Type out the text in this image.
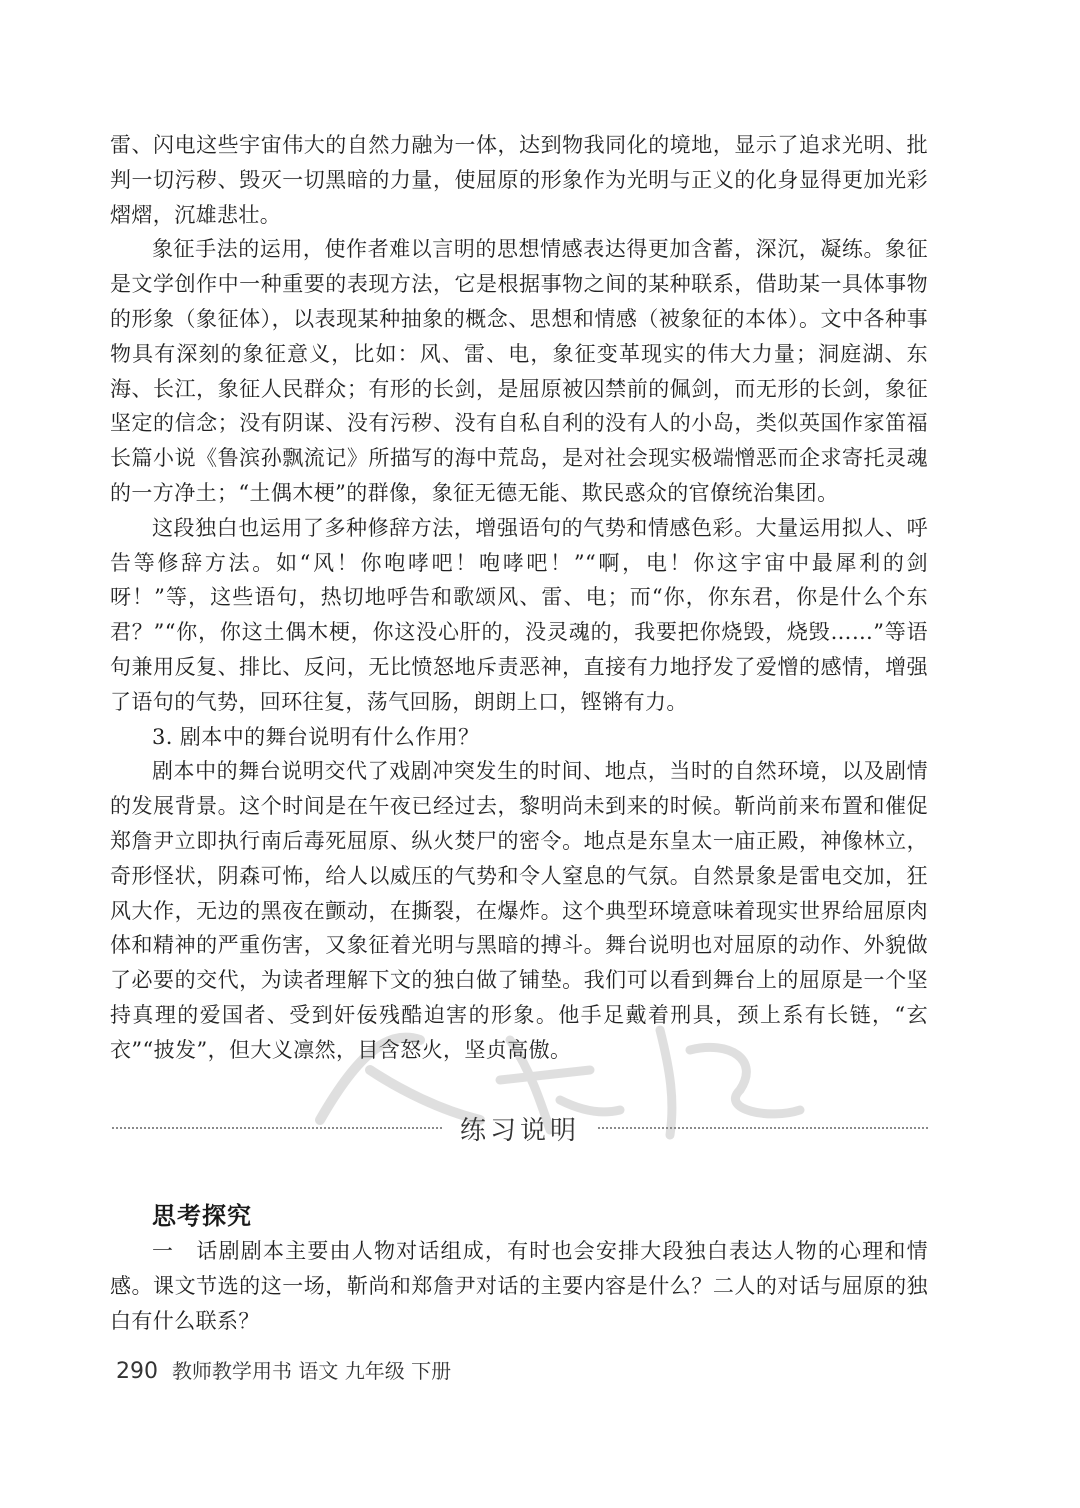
雷、闪电这些宇宙伟大的自然力融为一体，达到物我同化的境地，显示了追求光明、批判一切污秽、毁灭一切黑暗的力量，使屈原的形象作为光明与正义的化身显得更加光彩熠熠，沉雄悲壮。

象征手法的运用，使作者难以言明的思想情感表达得更加含蓄，深沉，凝练。象征是文学创作中一种重要的表现方法，它是根据事物之间的某种联系，借助某一具体事物的形象（象征体），以表现某种抽象的概念、思想和情感（被象征的本体）。文中各种事物具有深刻的象征意义，比如：风、雷、电，象征变革现实的伟大力量；洞庭湖、东海、长江，象征人民群众；有形的长剑，是屈原被囚禁前的佩剑，而无形的长剑，象征坚定的信念；没有阴谋、没有污秽、没有自私自利的没有人的小岛，类似英国作家笛福长篇小说《鲁滨孙飘流记》所描写的海中荒岛，是对社会现实极端憎恶而企求寄托灵魂的一方净土；“土偶木梗”的群像，象征无德无能、欺民惑众的官僚统治集团。

这段独白也运用了多种修辞方法，增强语句的气势和情感色彩。大量运用拟人、呼告等修辞方法。如“风！你咆哮吧！咆哮吧！”“啊，电！你这宇宙中最犀利的剑呀！”等，这些语句，热切地呼告和歌颂风、雷、电；而“你，你东君，你是什么个东君？”“你，你这土偶木梗，你这没心肝的，没灵魂的，我要把你烧毁，烧毁……”等语句兼用反复、排比、反问，无比愤怒地斥责恶神，直接有力地抒发了爱憎的感情，增强了语句的气势，回环往复，荡气回肠，朗朗上口，铿锵有力。

3. 剧本中的舞台说明有什么作用？

剧本中的舞台说明交代了戏剧冲突发生的时间、地点，当时的自然环境，以及剧情的发展背景。这个时间是在午夜已经过去，黎明尚未到来的时候。靳尚前来布置和催促郑詹尹立即执行南后毒死屈原、纵火焚尸的密令。地点是东皇太一庙正殿，神像林立，奇形怪状，阴森可怖，给人以威压的气势和令人窒息的气氛。自然景象是雷电交加，狂风大作，无边的黑夜在颤动，在撕裂，在爆炸。这个典型环境意味着现实世界给屈原肉体和精神的严重伤害，又象征着光明与黑暗的搏斗。舞台说明也对屈原的动作、外貌做了必要的交代，为读者理解下文的独白做了铺垫。我们可以看到舞台上的屈原是一个坚持真理的爱国者、受到奸佞残酷迫害的形象。他手足戴着刑具，颈上系有长链，“玄衣”“披发”，但大义凛然，目含怒火，坚贞高傲。

练习说明
思考探究

一　话剧剧本主要由人物对话组成，有时也会安排大段独白表达人物的心理和情感。课文节选的这一场，靳尚和郑詹尹对话的主要内容是什么？二人的对话与屈原的独白有什么联系？

290 教师教学用书 语文 九年级 下册
